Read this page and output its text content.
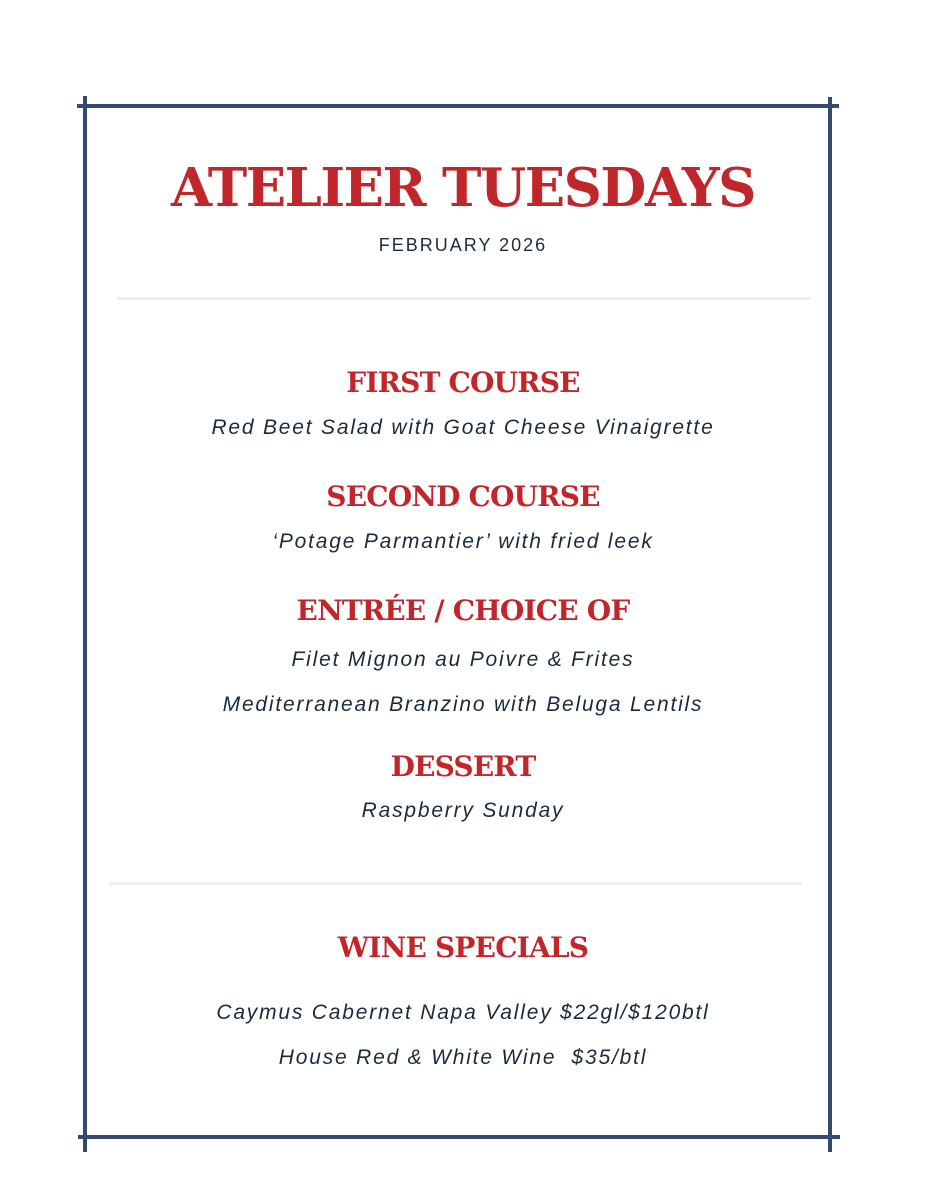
ATELIER TUESDAYS
FEBRUARY 2026
FIRST COURSE
Red Beet Salad with Goat Cheese Vinaigrette
SECOND COURSE
‘Potage Parmantier’ with fried leek
ENTRÉE / CHOICE OF
Filet Mignon au Poivre & Frites
Mediterranean Branzino with Beluga Lentils
DESSERT
Raspberry Sunday
WINE SPECIALS
Caymus Cabernet Napa Valley $22gl/$120btl
House Red & White Wine  $35/btl
